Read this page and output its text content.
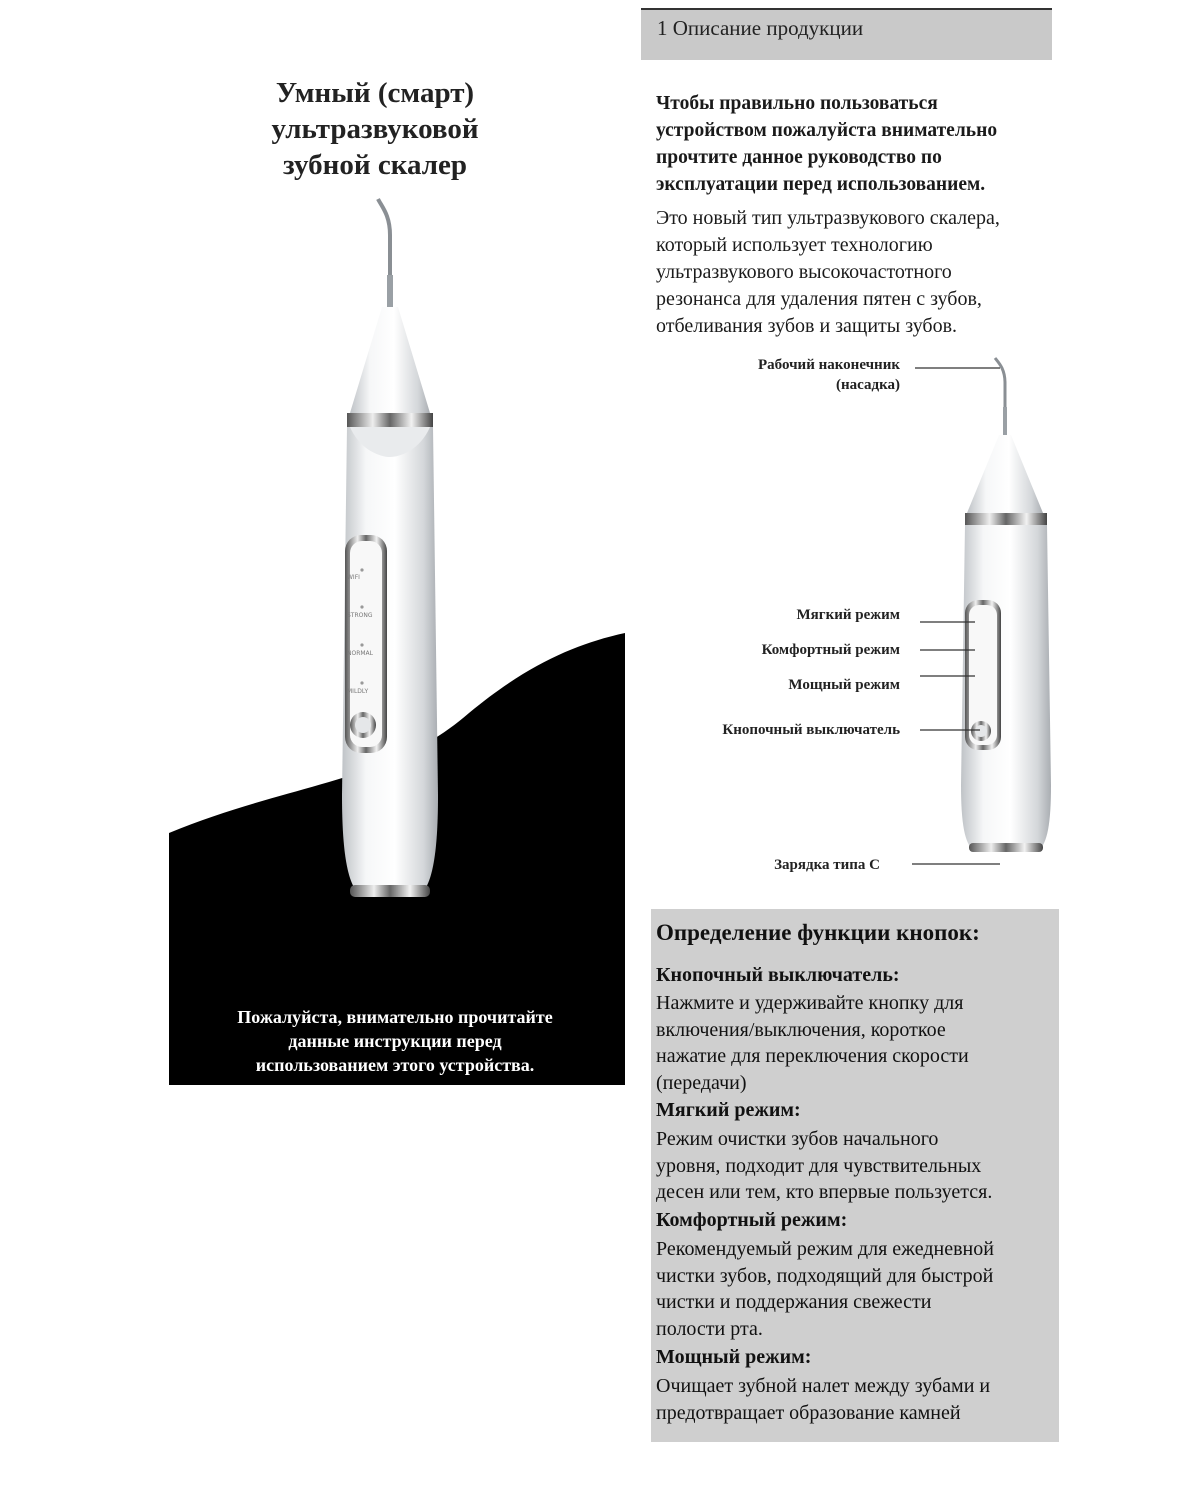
1 Описание продукции
Умный (смарт)
ультразвуковой
зубной скалер
WIFI
STRONG
NORMAL
MILDLY
Пожалуйста, внимательно прочитайте
данные инструкции перед
использованием этого устройства.
Чтобы правильно пользоваться
устройством пожалуйста внимательно
прочтите данное руководство по
эксплуатации перед использованием.
Это новый тип ультразвукового скалера,
который использует технологию
ультразвукового высокочастотного
резонанса для удаления пятен с зубов,
отбеливания зубов и защиты зубов.
Рабочий наконечник
(насадка)
Мягкий режим
Комфортный режим
Мощный режим
Кнопочный выключатель
Зарядка типа С
Определение функции кнопок:
Кнопочный выключатель:
Нажмите и удерживайте кнопку для
включения/выключения, короткое
нажатие для переключения скорости
(передачи)
Мягкий режим:
Режим очистки зубов начального
уровня, подходит для чувствительных
десен или тем, кто впервые пользуется.
Комфортный режим:
Рекомендуемый режим для ежедневной
чистки зубов, подходящий для быстрой
чистки и поддержания свежести
полости рта.
Мощный режим:
Очищает зубной налет между зубами и
предотвращает образование камней
